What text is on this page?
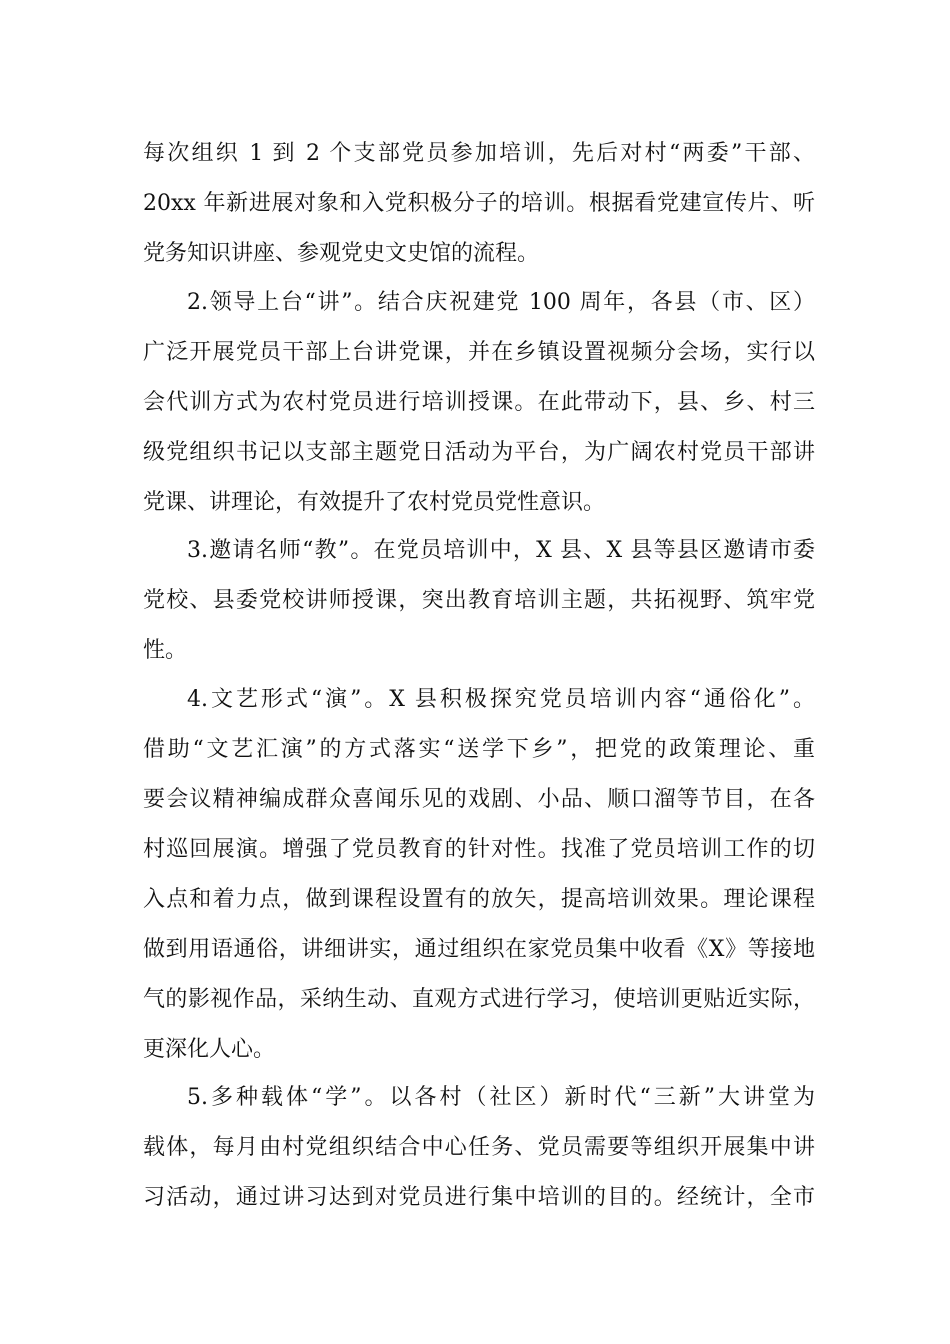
每次组织 1 到 2 个支部党员参加培训，先后对村“两委”干部、
20xx 年新进展对象和入党积极分子的培训。根据看党建宣传片、听
党务知识讲座、参观党史文史馆的流程。
2.领导上台“讲”。结合庆祝建党 100 周年，各县（市、区）
广泛开展党员干部上台讲党课，并在乡镇设置视频分会场，实行以
会代训方式为农村党员进行培训授课。在此带动下，县、乡、村三
级党组织书记以支部主题党日活动为平台，为广阔农村党员干部讲
党课、讲理论，有效提升了农村党员党性意识。
3.邀请名师“教”。在党员培训中，X 县、X 县等县区邀请市委
党校、县委党校讲师授课，突出教育培训主题，共拓视野、筑牢党
性。
4.文艺形式“演”。X 县积极探究党员培训内容“通俗化”。
借助“文艺汇演”的方式落实“送学下乡”，把党的政策理论、重
要会议精神编成群众喜闻乐见的戏剧、小品、顺口溜等节目，在各
村巡回展演。增强了党员教育的针对性。找准了党员培训工作的切
入点和着力点，做到课程设置有的放矢，提高培训效果。理论课程
做到用语通俗，讲细讲实，通过组织在家党员集中收看《X》等接地
气的影视作品，采纳生动、直观方式进行学习，使培训更贴近实际，
更深化人心。
5.多种载体“学”。以各村（社区）新时代“三新”大讲堂为
载体，每月由村党组织结合中心任务、党员需要等组织开展集中讲
习活动，通过讲习达到对党员进行集中培训的目的。经统计，全市
